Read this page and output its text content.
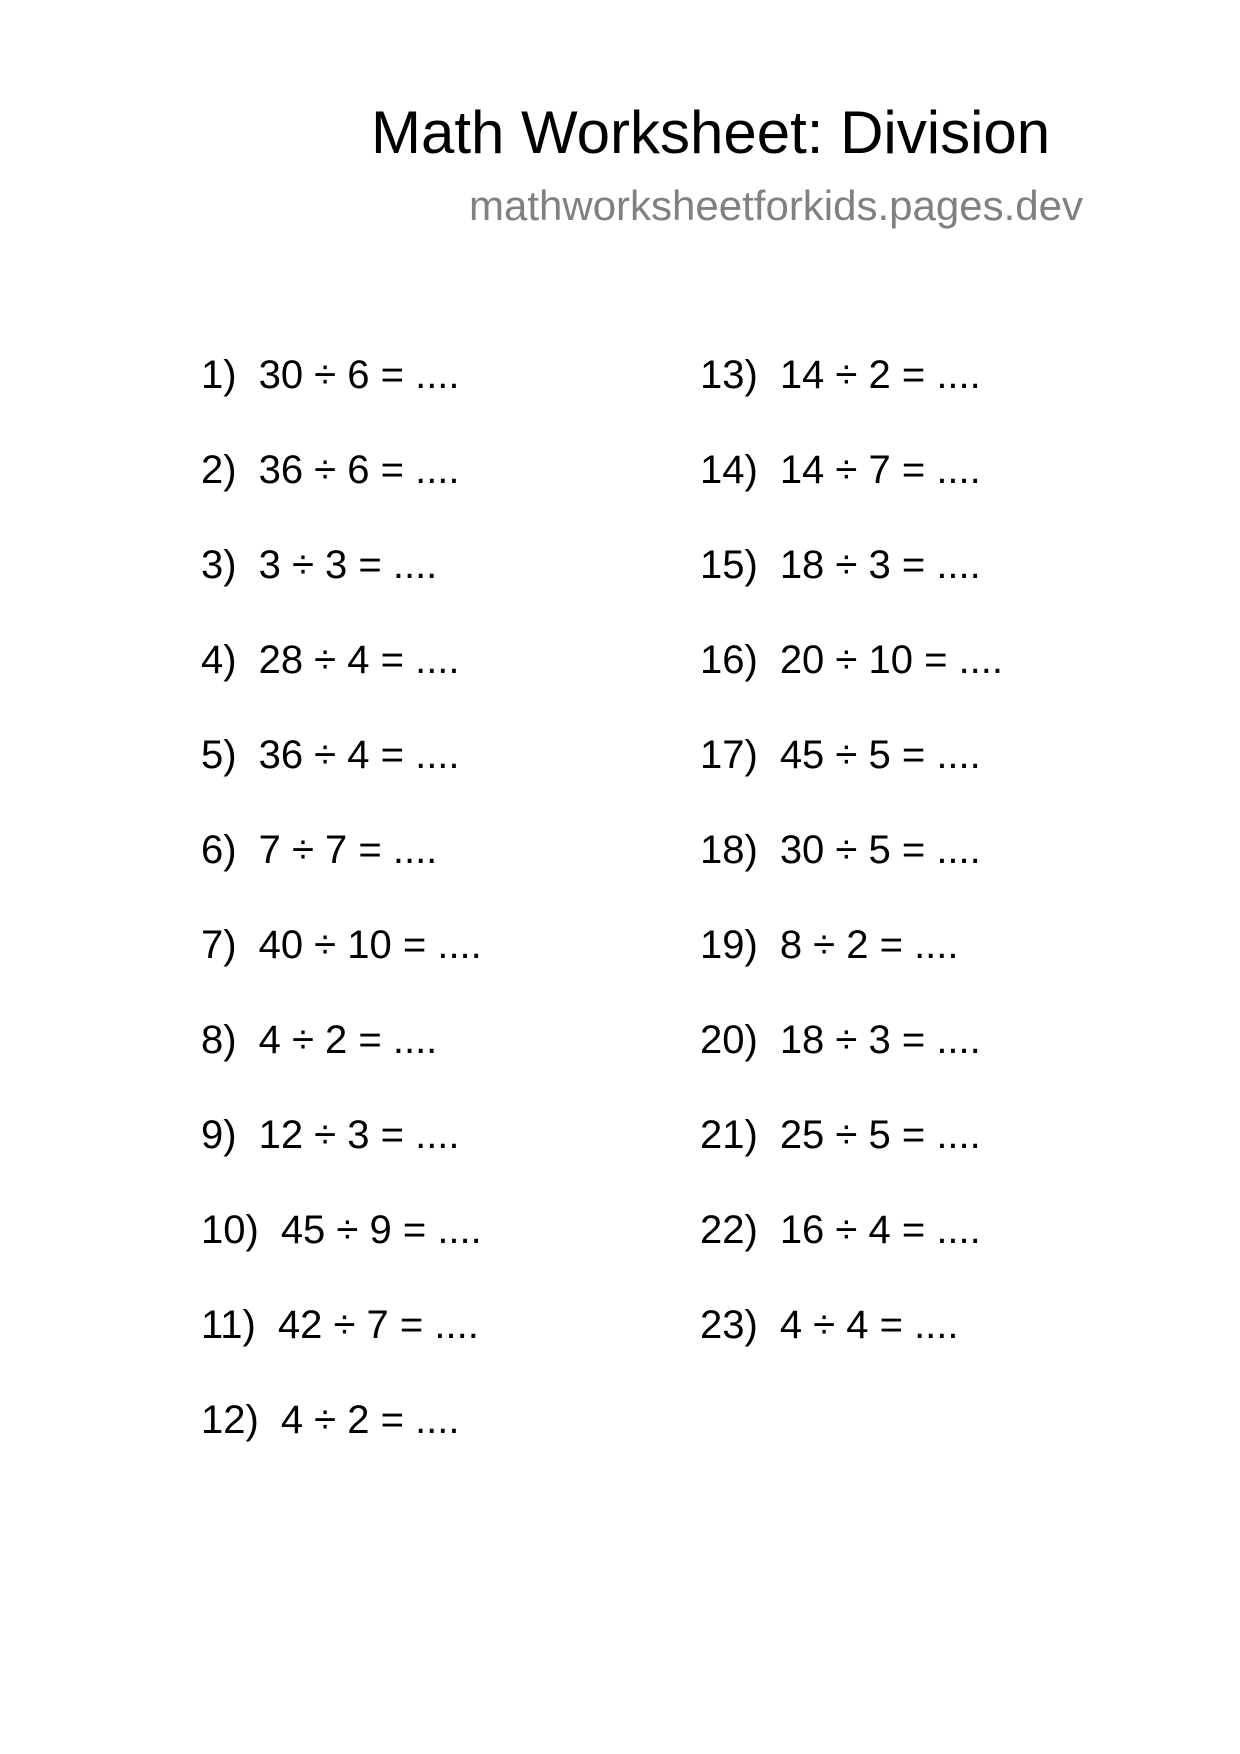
Math Worksheet: Division
mathworksheetforkids.pages.dev
1) 30 ÷ 6 = ....
2) 36 ÷ 6 = ....
3) 3 ÷ 3 = ....
4) 28 ÷ 4 = ....
5) 36 ÷ 4 = ....
6) 7 ÷ 7 = ....
7) 40 ÷ 10 = ....
8) 4 ÷ 2 = ....
9) 12 ÷ 3 = ....
10) 45 ÷ 9 = ....
11) 42 ÷ 7 = ....
12) 4 ÷ 2 = ....
13) 14 ÷ 2 = ....
14) 14 ÷ 7 = ....
15) 18 ÷ 3 = ....
16) 20 ÷ 10 = ....
17) 45 ÷ 5 = ....
18) 30 ÷ 5 = ....
19) 8 ÷ 2 = ....
20) 18 ÷ 3 = ....
21) 25 ÷ 5 = ....
22) 16 ÷ 4 = ....
23) 4 ÷ 4 = ....
